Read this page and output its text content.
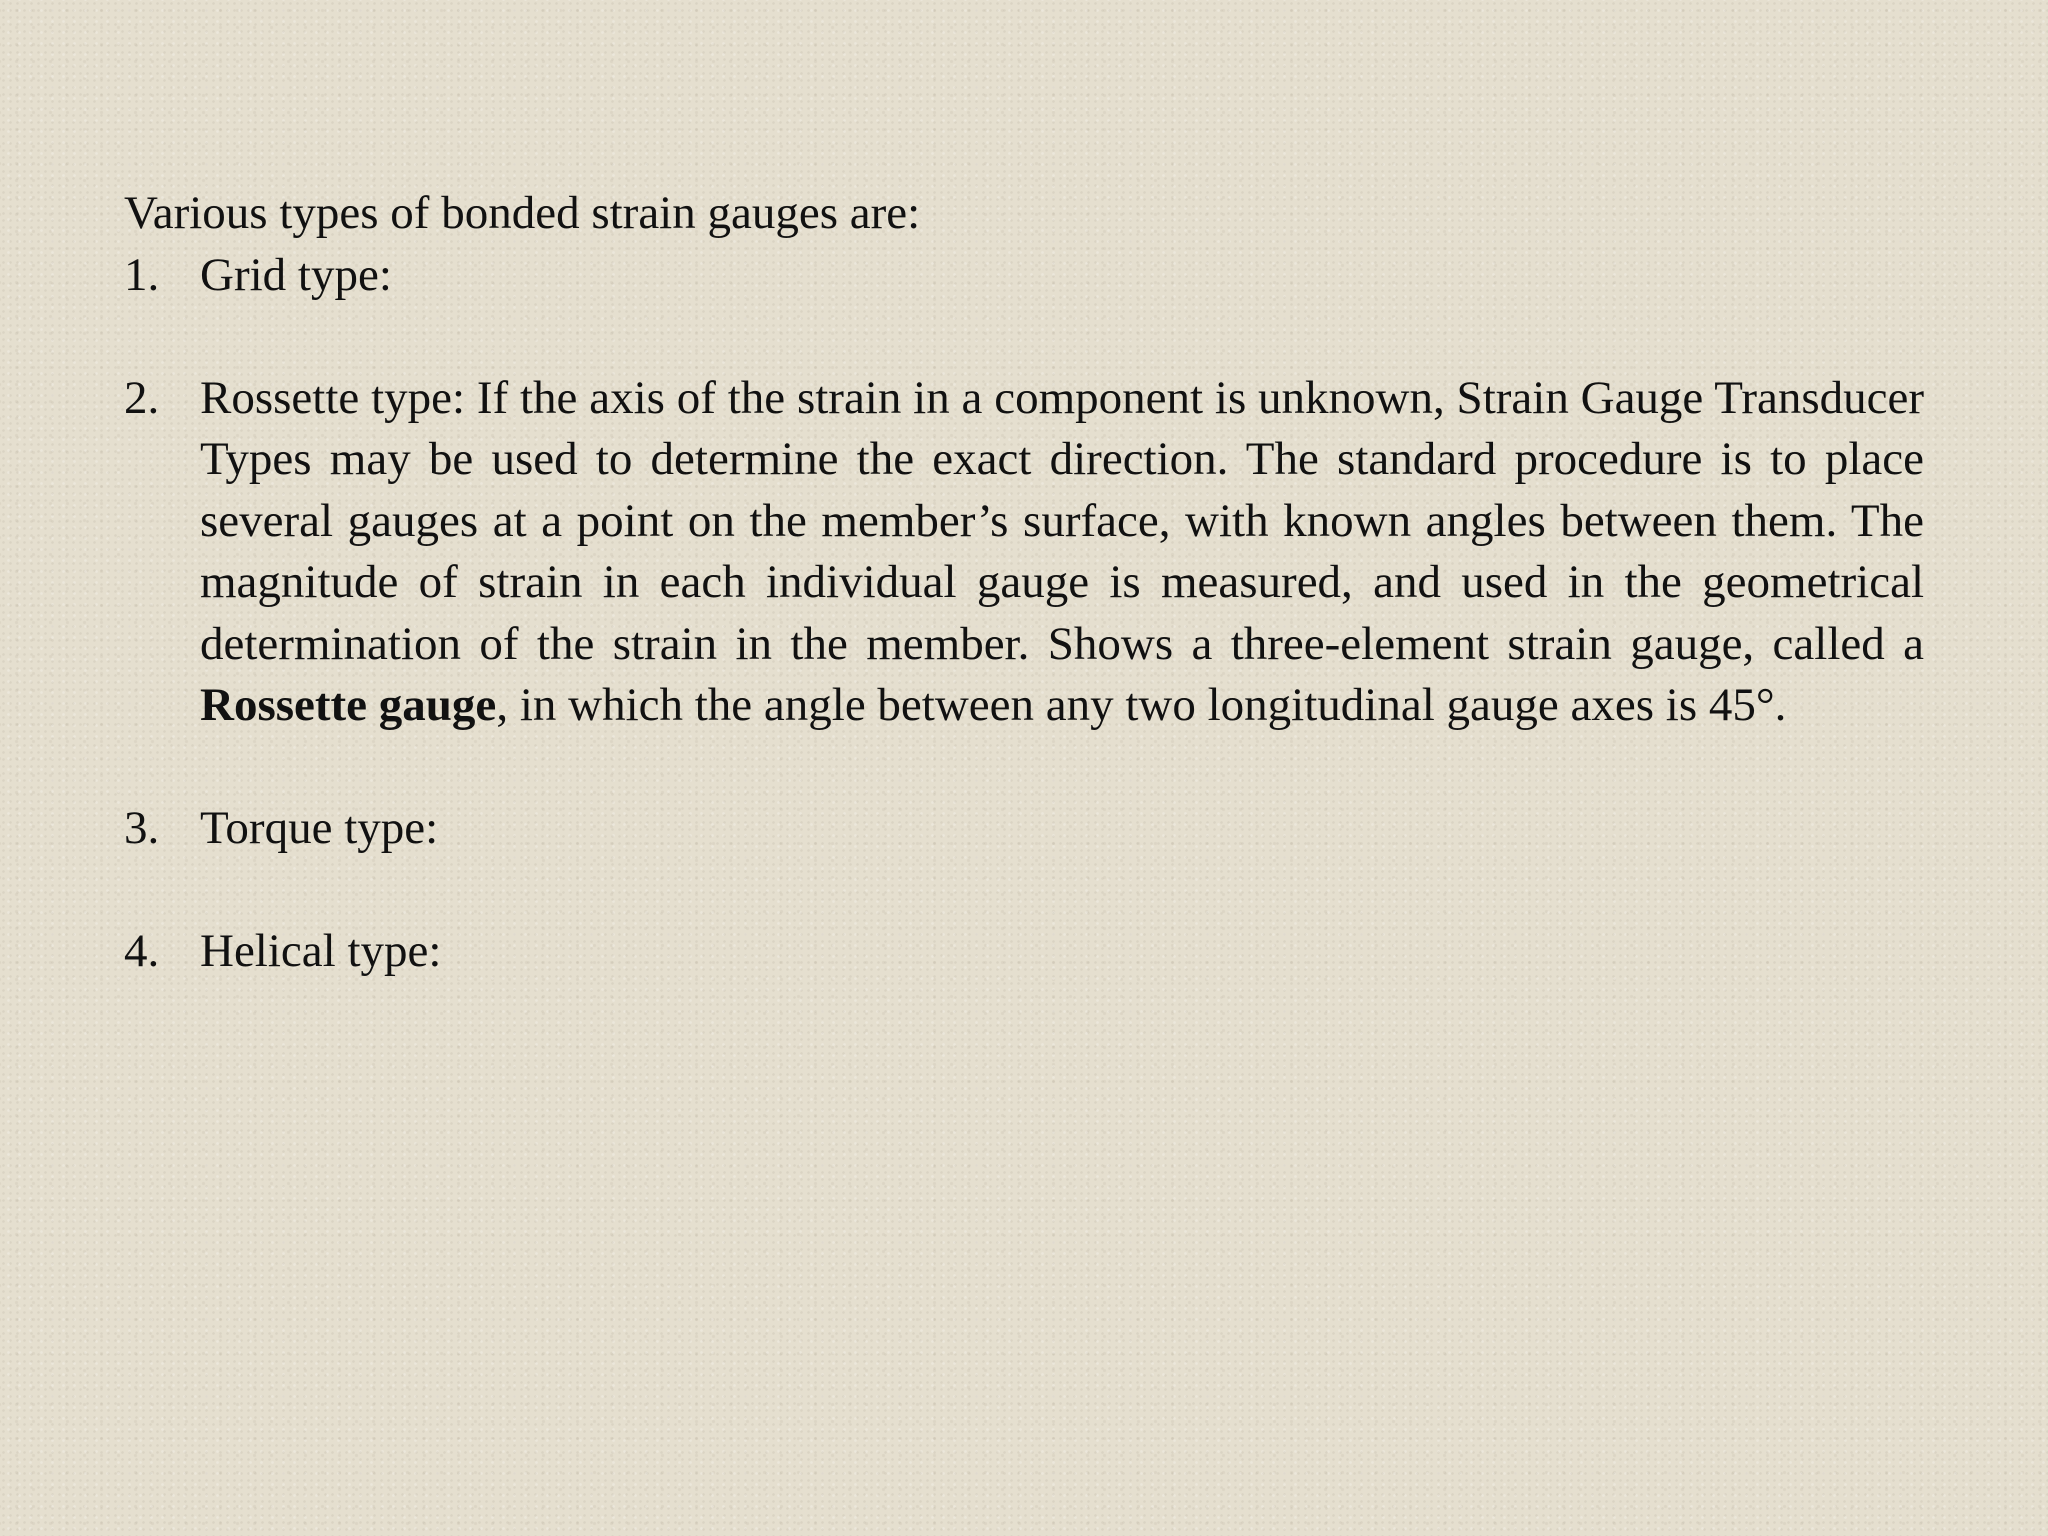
Various types of bonded strain gauges are:

1. Grid type:

2. Rossette type: If the axis of the strain in a component is unknown, Strain Gauge Transducer Types may be used to determine the exact direction. The standard procedure is to place several gauges at a point on the member’s surface, with known angles between them. The magnitude of strain in each individual gauge is measured, and used in the geometrical determination of the strain in the member. Shows a three-element strain gauge, called a Rossette gauge, in which the angle between any two longitudinal gauge axes is 45°.

3. Torque type:

4. Helical type:
